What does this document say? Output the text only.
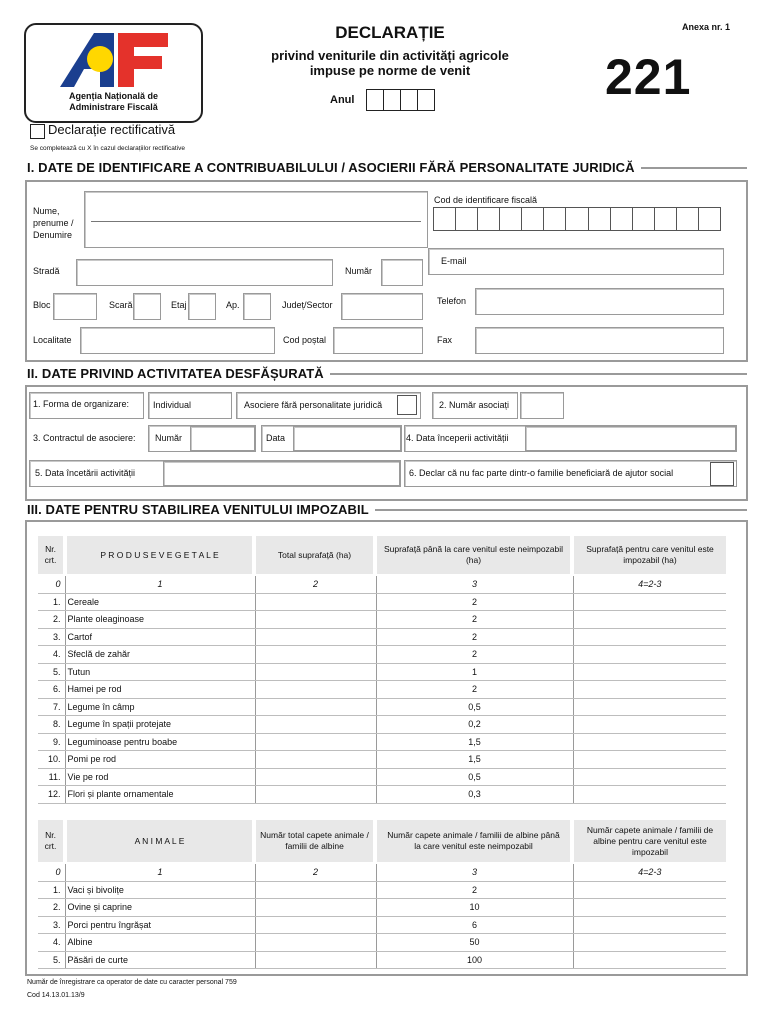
Agenția Națională de
Administrare Fiscală
DECLARAȚIE
privind veniturile din activități agricole
impuse pe norme de venit
Anexa nr. 1
221
Anul
Declarație rectificativă
Se completează cu X în cazul declarațiilor rectificative
I. DATE DE IDENTIFICARE A CONTRIBUABILULUI / ASOCIERII FĂRĂ PERSONALITATE JURIDICĂ
Nume,
prenume /
Denumire
Cod de identificare fiscală
Stradă	Număr
E-mail
Bloc	Scară	Etaj	Ap.	Județ/Sector	Telefon
Localitate	Cod poștal	Fax
II. DATE PRIVIND ACTIVITATEA DESFĂȘURATĂ
1. Forma de organizare:	Individual	Asociere fără personalitate juridică	2. Număr asociați
3. Contractul de asociere: Număr	Data	4. Data începerii activității
5. Data încetării activității	6. Declar că nu fac parte dintr-o familie beneficiară de ajutor social
III. DATE PENTRU STABILIREA VENITULUI IMPOZABIL
Nr. crt.
P R O D U S E V E G E T A L E	Total suprafață (ha)
Suprafață până la care venitul este neimpozabil (ha)
Suprafață pentru care venitul este impozabil (ha)
0	1	2	3	4=2-3
1.	Cereale		2	
2.	Plante oleaginoase		2	
3.	Cartof		2	
4.	Sfeclă de zahăr		2	
5.	Tutun		1	
6.	Hamei pe rod		2	
7.	Legume în câmp		0,5	
8.	Legume în spații protejate		0,2	
9.	Leguminoase pentru boabe		1,5	
10.	Pomi pe rod		1,5	
11.	Vie pe rod		0,5	
12.	Flori și plante ornamentale		0,3	
Nr. crt.
A N I M A L E
Număr total capete animale / familii de albine
Număr capete animale / familii de albine până la care venitul este neimpozabil
Număr capete animale / familii de albine pentru care venitul este impozabil
0	1	2	3	4=2-3
1.	Vaci și bivolițe		2	
2.	Ovine și caprine		10	
3.	Porci pentru îngrășat		6	
4.	Albine		50	
5.	Păsări de curte		100	
Număr de înregistrare ca operator de date cu caracter personal 759
Cod 14.13.01.13/9
